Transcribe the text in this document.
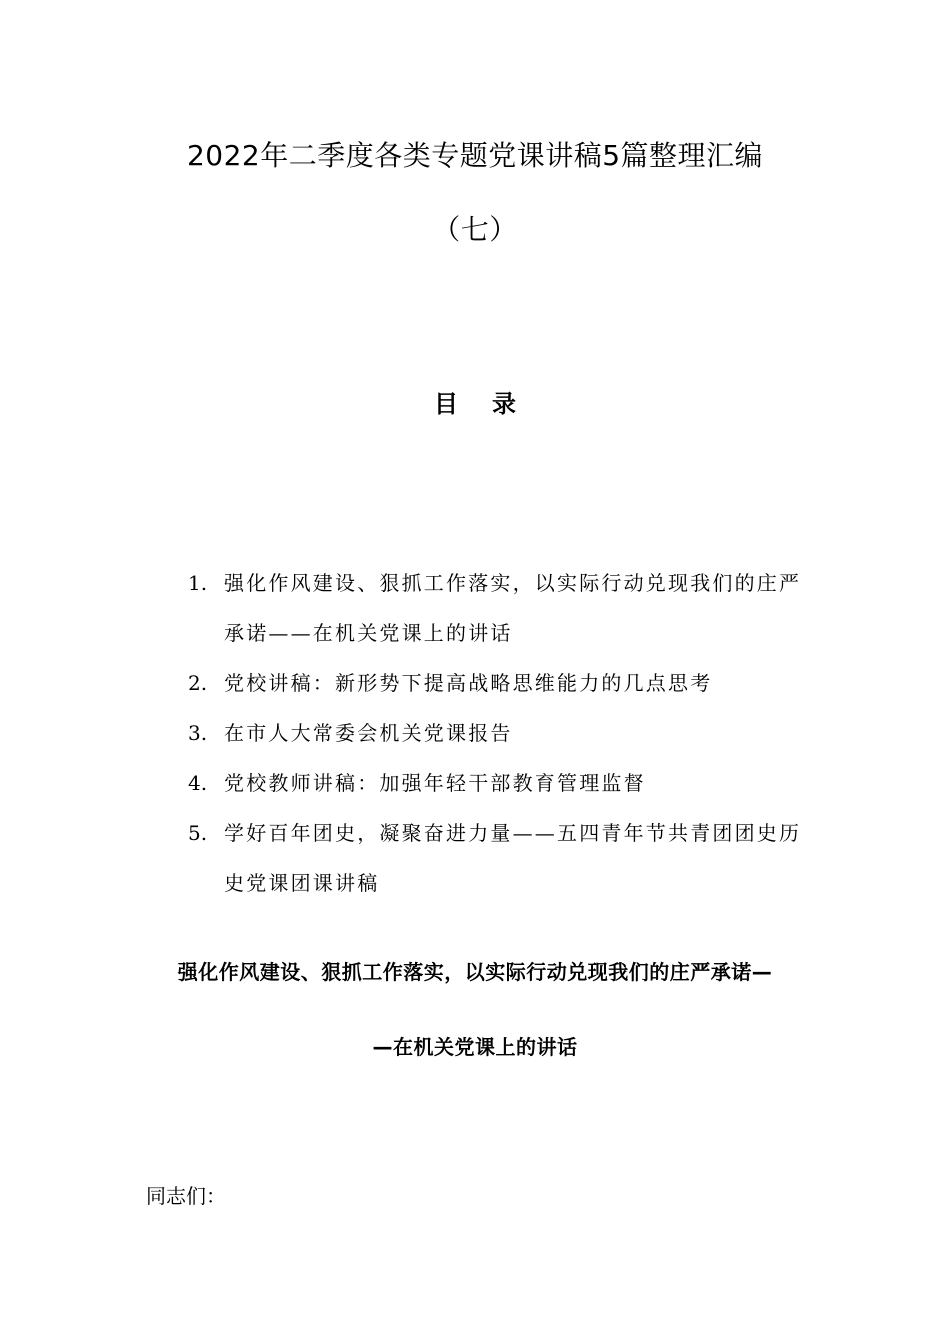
2022年二季度各类专题党课讲稿5篇整理汇编
（七）
目录
1. 强化作风建设、狠抓工作落实，以实际行动兑现我们的庄严
承诺——在机关党课上的讲话
2. 党校讲稿：新形势下提高战略思维能力的几点思考
3. 在市人大常委会机关党课报告
4. 党校教师讲稿：加强年轻干部教育管理监督
5. 学好百年团史，凝聚奋进力量——五四青年节共青团团史历
史党课团课讲稿
强化作风建设、狠抓工作落实，以实际行动兑现我们的庄严承诺—
—在机关党课上的讲话
同志们：
